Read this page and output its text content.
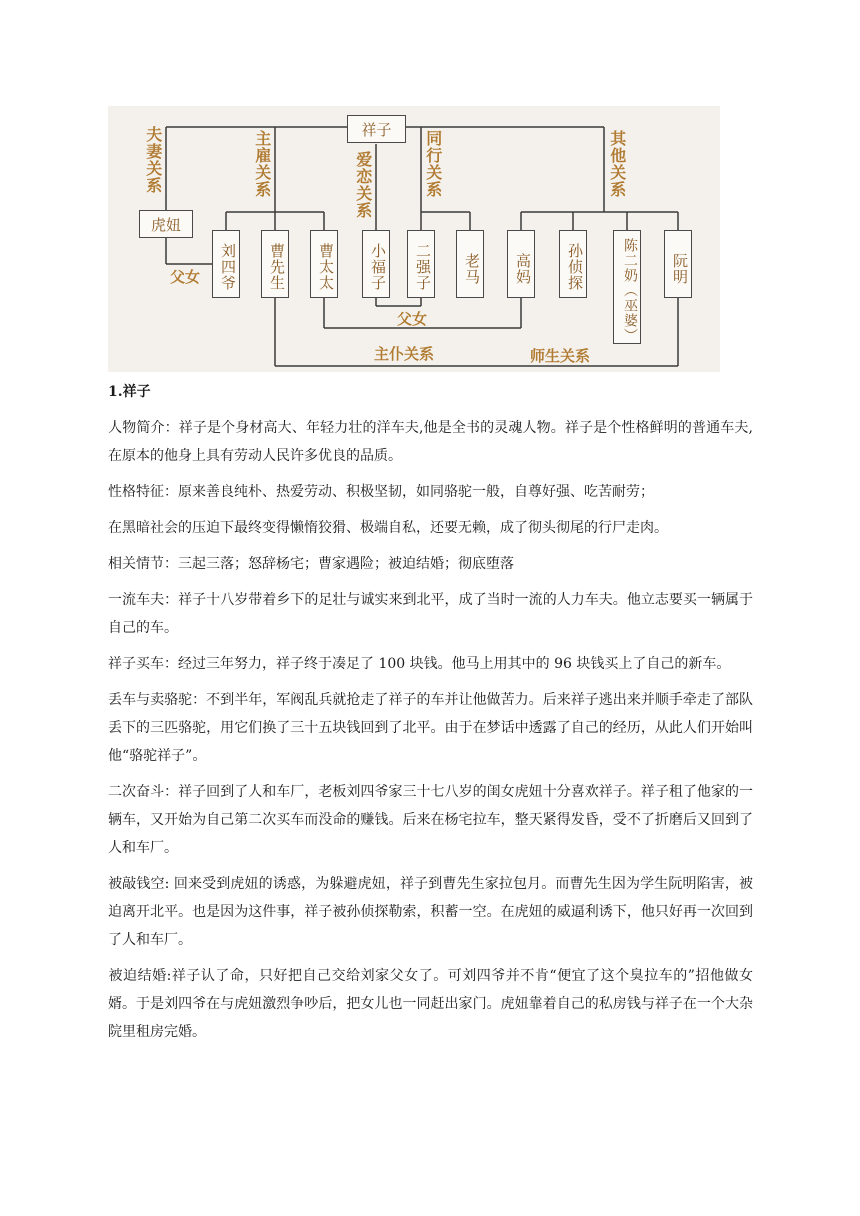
祥子
夫妻关系	主雇关系	爱恋关系	同行关系	其他关系
虎妞
刘四爷	曹先生	曹太太	小福子	二强子	老马	高妈	孙侦探	陈二奶（巫婆）	阮明
父女
父女
主仆关系	师生关系
1.祥子

人物简介：祥子是个身材高大、年轻力壮的洋车夫,他是全书的灵魂人物。祥子是个性格鲜明的普通车夫,在原本的他身上具有劳动人民许多优良的品质。

性格特征：原来善良纯朴、热爱劳动、积极坚韧，如同骆驼一般，自尊好强、吃苦耐劳；

在黑暗社会的压迫下最终变得懒惰狡猾、极端自私，还要无赖，成了彻头彻尾的行尸走肉。

相关情节：三起三落；怒辞杨宅；曹家遇险；被迫结婚；彻底堕落

一流车夫：祥子十八岁带着乡下的足壮与诚实来到北平，成了当时一流的人力车夫。他立志要买一辆属于自己的车。

祥子买车：经过三年努力，祥子终于凑足了 100 块钱。他马上用其中的 96 块钱买上了自己的新车。

丢车与卖骆驼：不到半年，军阀乱兵就抢走了祥子的车并让他做苦力。后来祥子逃出来并顺手牵走了部队丢下的三匹骆驼，用它们换了三十五块钱回到了北平。由于在梦话中透露了自己的经历，从此人们开始叫他“骆驼祥子”。

二次奋斗：祥子回到了人和车厂，老板刘四爷家三十七八岁的闺女虎妞十分喜欢祥子。祥子租了他家的一辆车，又开始为自己第二次买车而没命的赚钱。后来在杨宅拉车，整天紧得发昏，受不了折磨后又回到了人和车厂。

被敲钱空: 回来受到虎妞的诱惑，为躲避虎妞，祥子到曹先生家拉包月。而曹先生因为学生阮明陷害，被迫离开北平。也是因为这件事，祥子被孙侦探勒索，积蓄一空。在虎妞的威逼利诱下，他只好再一次回到了人和车厂。

被迫结婚:祥子认了命，只好把自己交给刘家父女了。可刘四爷并不肯“便宜了这个臭拉车的”招他做女婿。于是刘四爷在与虎妞激烈争吵后，把女儿也一同赶出家门。虎妞靠着自己的私房钱与祥子在一个大杂院里租房完婚。
